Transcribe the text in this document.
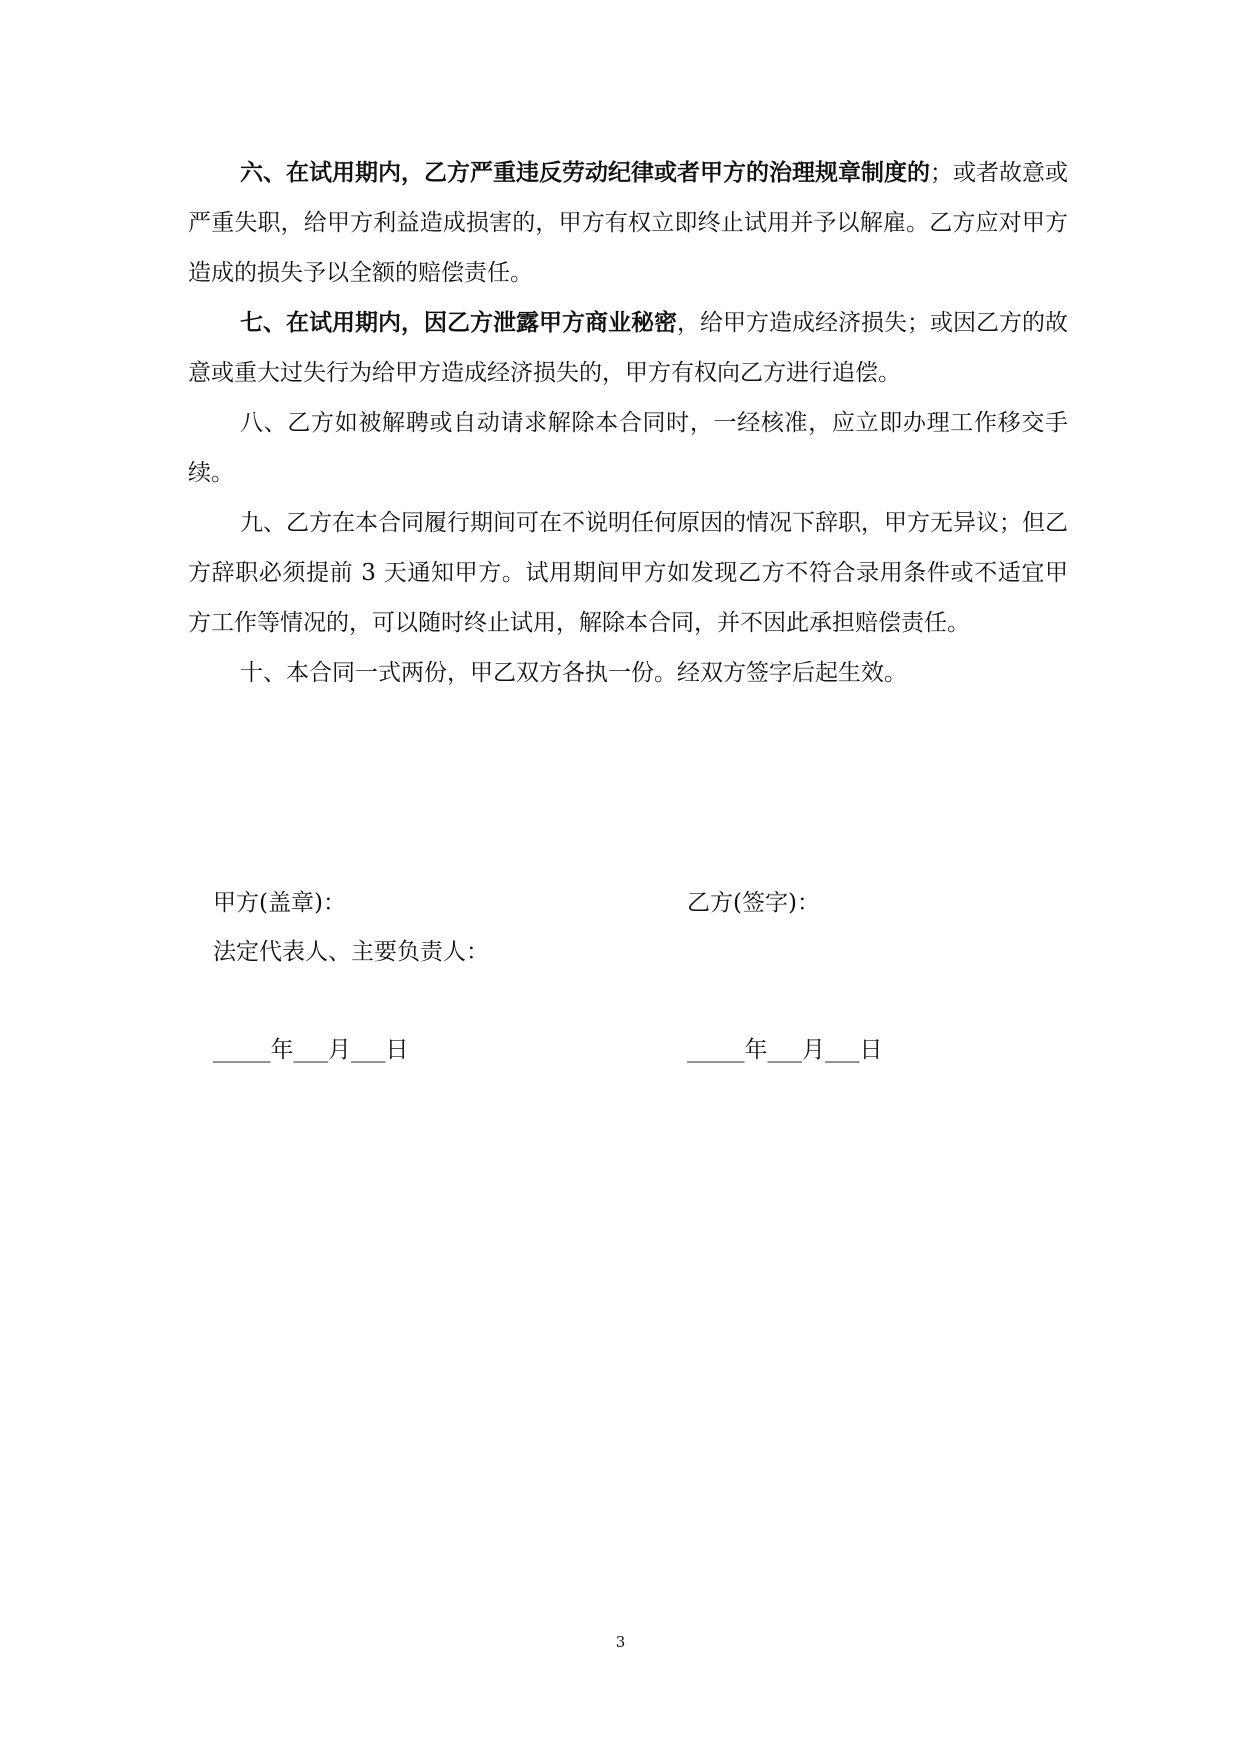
六、在试用期内，乙方严重违反劳动纪律或者甲方的治理规章制度的；或者故意或严重失职，给甲方利益造成损害的，甲方有权立即终止试用并予以解雇。乙方应对甲方造成的损失予以全额的赔偿责任。

七、在试用期内，因乙方泄露甲方商业秘密，给甲方造成经济损失；或因乙方的故意或重大过失行为给甲方造成经济损失的，甲方有权向乙方进行追偿。

八、乙方如被解聘或自动请求解除本合同时，一经核准，应立即办理工作移交手续。

九、乙方在本合同履行期间可在不说明任何原因的情况下辞职，甲方无异议；但乙方辞职必须提前 3 天通知甲方。试用期间甲方如发现乙方不符合录用条件或不适宜甲方工作等情况的，可以随时终止试用，解除本合同，并不因此承担赔偿责任。

十、本合同一式两份，甲乙双方各执一份。经双方签字后起生效。

甲方(盖章)：	乙方(签字)：
法定代表人、主要负责人：
_____年___月___日	_____年___月___日
3
